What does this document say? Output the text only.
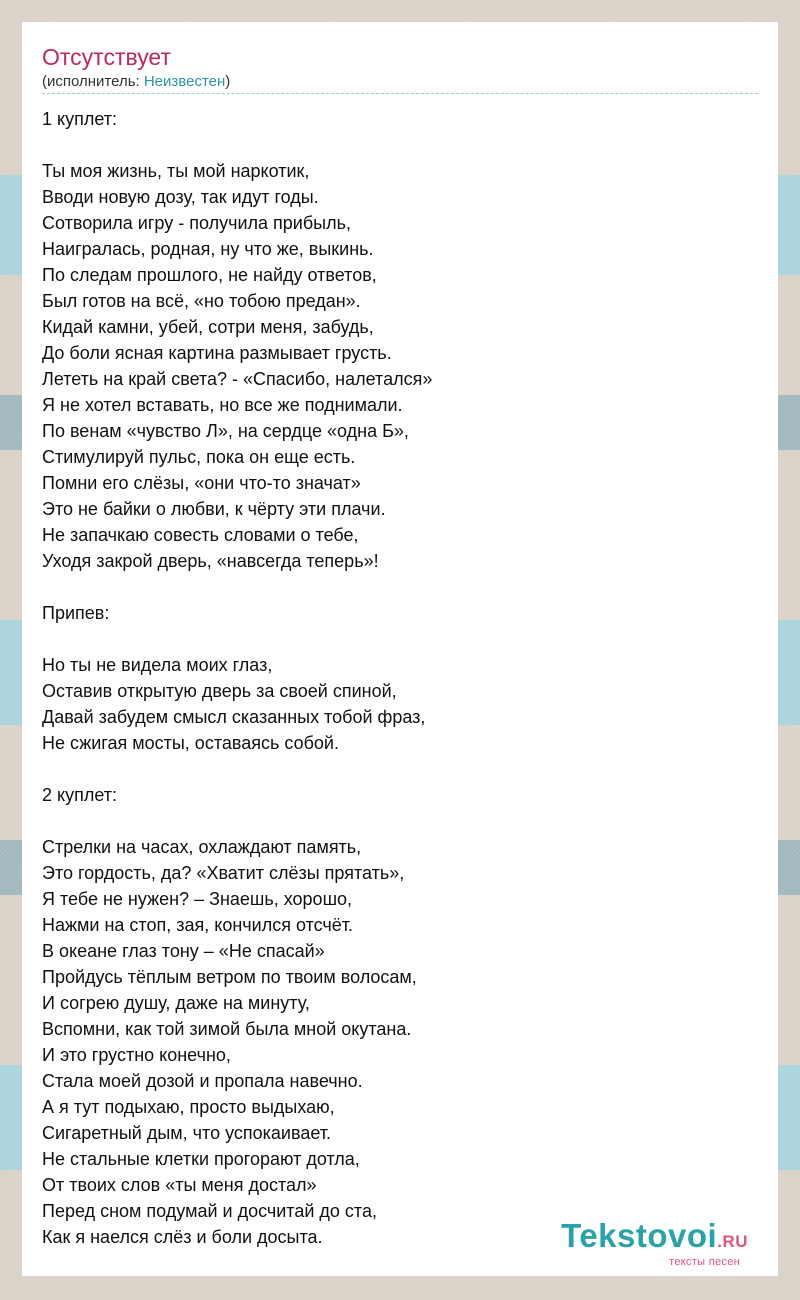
Отсутствует
(исполнитель: Неизвестен)
1 куплет:
Ты моя жизнь, ты мой наркотик,
Вводи новую дозу, так идут годы.
Сотворила игру - получила прибыль,
Наигралась, родная, ну что же, выкинь.
По следам прошлого, не найду ответов,
Был готов на всё, «но тобою предан».
Кидай камни, убей, сотри меня, забудь,
До боли ясная картина размывает грусть.
Лететь на край света? - «Спасибо, налетался»
Я не хотел вставать, но все же поднимали.
По венам «чувство Л», на сердце «одна Б»,
Стимулируй пульс, пока он еще есть.
Помни его слёзы, «они что-то значат»
Это не байки о любви, к чёрту эти плачи.
Не запачкаю совесть словами о тебе,
Уходя закрой дверь, «навсегда теперь»!
Припев:
Но ты не видела моих глаз,
Оставив открытую дверь за своей спиной,
Давай забудем смысл сказанных тобой фраз,
Не сжигая мосты, оставаясь собой.
2 куплет:
Стрелки на часах, охлаждают память,
Это гордость, да? «Хватит слёзы прятать»,
Я тебе не нужен? – Знаешь, хорошо,
Нажми на стоп, зая, кончился отсчёт.
В океане глаз тону – «Не спасай»
Пройдусь тёплым ветром по твоим волосам,
И согрею душу, даже на минуту,
Вспомни, как той зимой была мной окутана.
И это грустно конечно,
Стала моей дозой и пропала навечно.
А я тут подыхаю, просто выдыхаю,
Сигаретный дым, что успокаивает.
Не стальные клетки прогорают дотла,
От твоих слов «ты меня достал»
Перед сном подумай и досчитай до ста,
Как я наелся слёз и боли досыта.	Tekstovoi.RU
тексты песен
